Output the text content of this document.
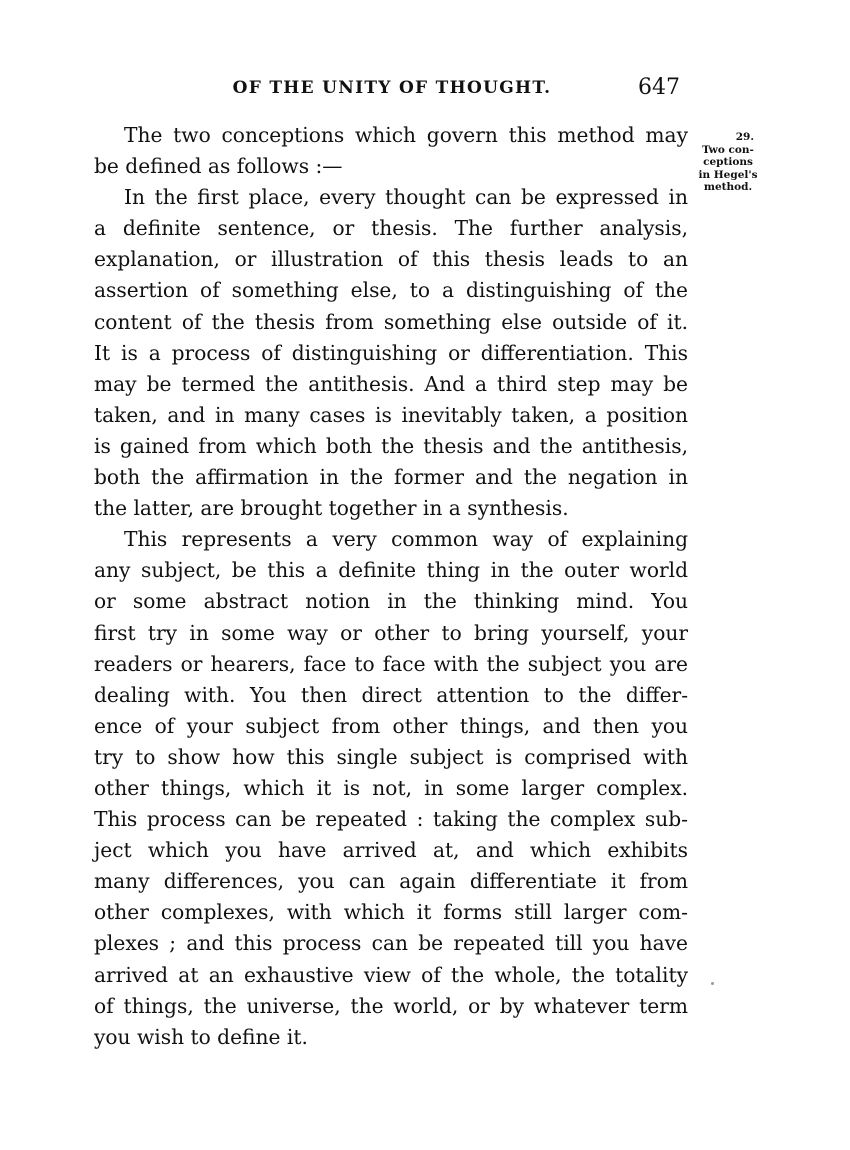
OF THE UNITY OF THOUGHT.	647
29.
Two con-
ceptions
in Hegel's
method.
The two conceptions which govern this method may
be defined as follows :—
In the first place, every thought can be expressed in
a definite sentence, or thesis. The further analysis,
explanation, or illustration of this thesis leads to an
assertion of something else, to a distinguishing of the
content of the thesis from something else outside of it.
It is a process of distinguishing or differentiation. This
may be termed the antithesis. And a third step may be
taken, and in many cases is inevitably taken, a position
is gained from which both the thesis and the antithesis,
both the affirmation in the former and the negation in
the latter, are brought together in a synthesis.
This represents a very common way of explaining
any subject, be this a definite thing in the outer world
or some abstract notion in the thinking mind. You
first try in some way or other to bring yourself, your
readers or hearers, face to face with the subject you are
dealing with. You then direct attention to the differ-
ence of your subject from other things, and then you
try to show how this single subject is comprised with
other things, which it is not, in some larger complex.
This process can be repeated : taking the complex sub-
ject which you have arrived at, and which exhibits
many differences, you can again differentiate it from
other complexes, with which it forms still larger com-
plexes ; and this process can be repeated till you have
arrived at an exhaustive view of the whole, the totality
of things, the universe, the world, or by whatever term
you wish to define it.
